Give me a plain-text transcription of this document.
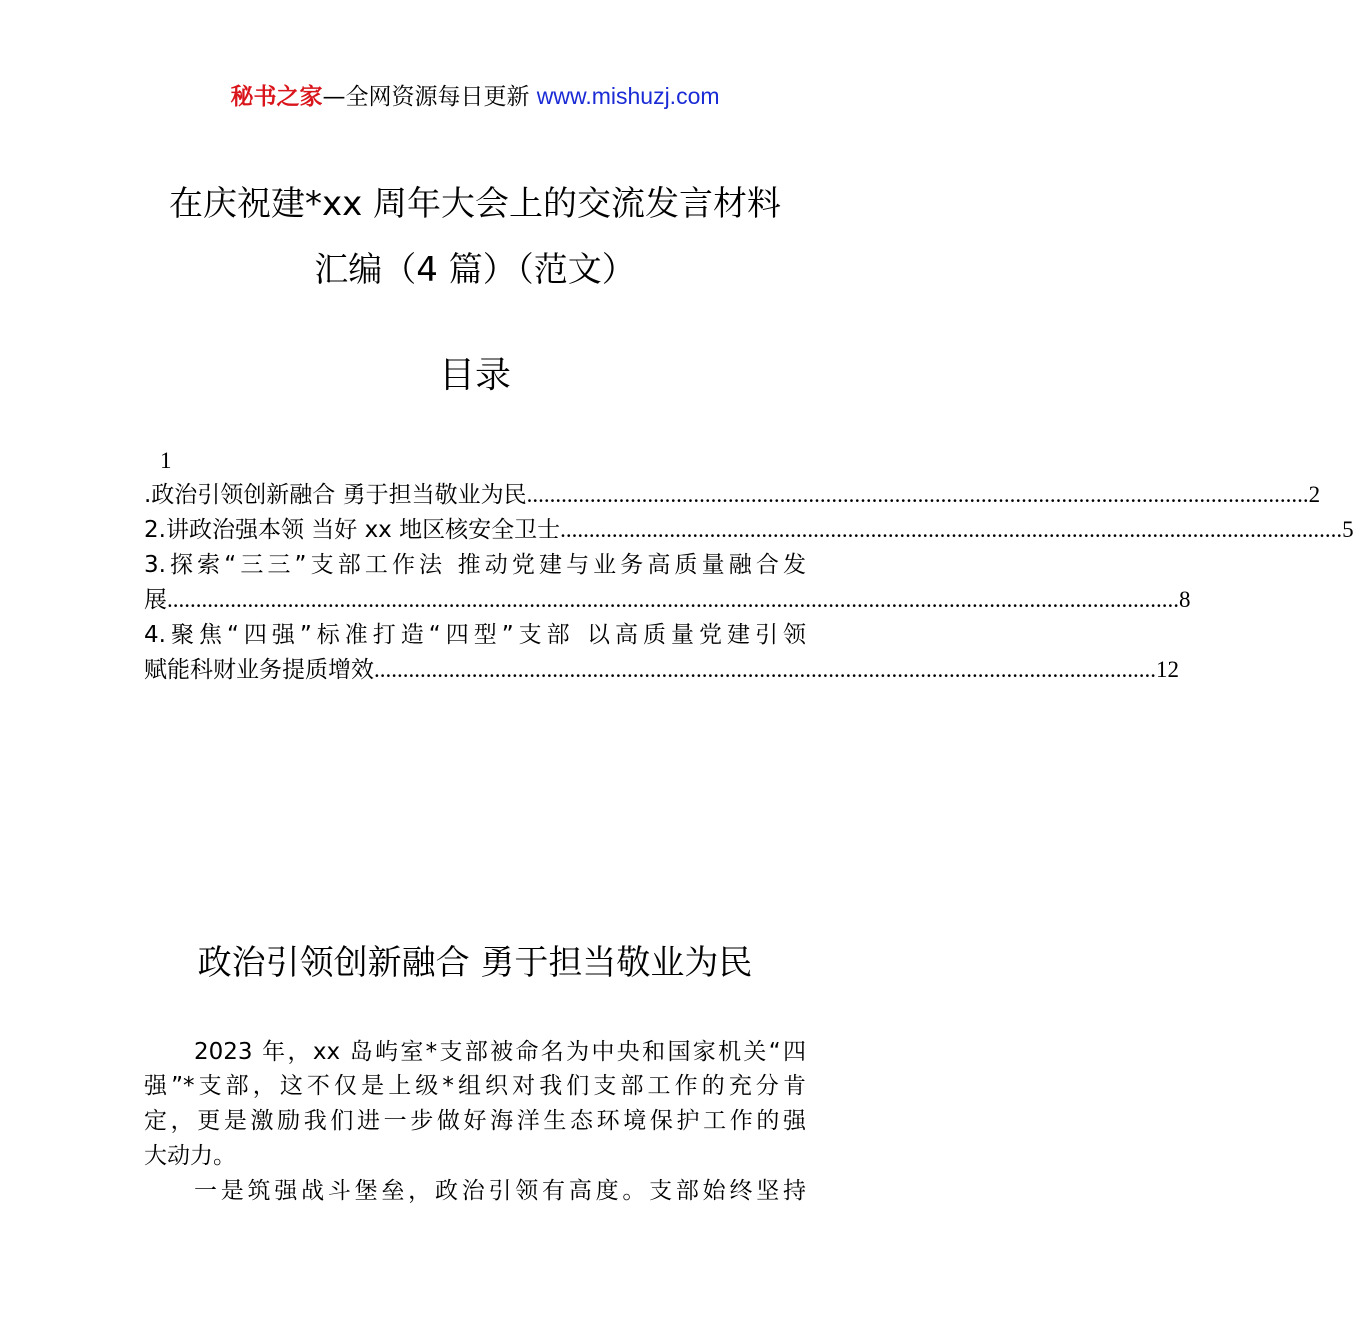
秘书之家—全网资源每日更新 www.mishuzj.com
在庆祝建*xx 周年大会上的交流发言材料
汇编（4 篇）（范文）
目录
1
.政治引领创新融合 勇于担当敬业为民 ........................................................................................................................................ 2
2.讲政治强本领 当好 xx 地区核安全卫士 ........................................................................................................................................ 5
3.探索“三三”支部工作法 推动党建与业务高质量融合发
展 ................................................................................................................................................................................ 8
4.聚焦“四强”标准打造“四型”支部 以高质量党建引领
赋能科财业务提质增效 ........................................................................................................................................ 12
政治引领创新融合 勇于担当敬业为民
2023 年，xx 岛屿室*支部被命名为中央和国家机关“四
强”*支部，这不仅是上级*组织对我们支部工作的充分肯
定，更是激励我们进一步做好海洋生态环境保护工作的强
大动力。
一是筑强战斗堡垒，政治引领有高度。支部始终坚持
